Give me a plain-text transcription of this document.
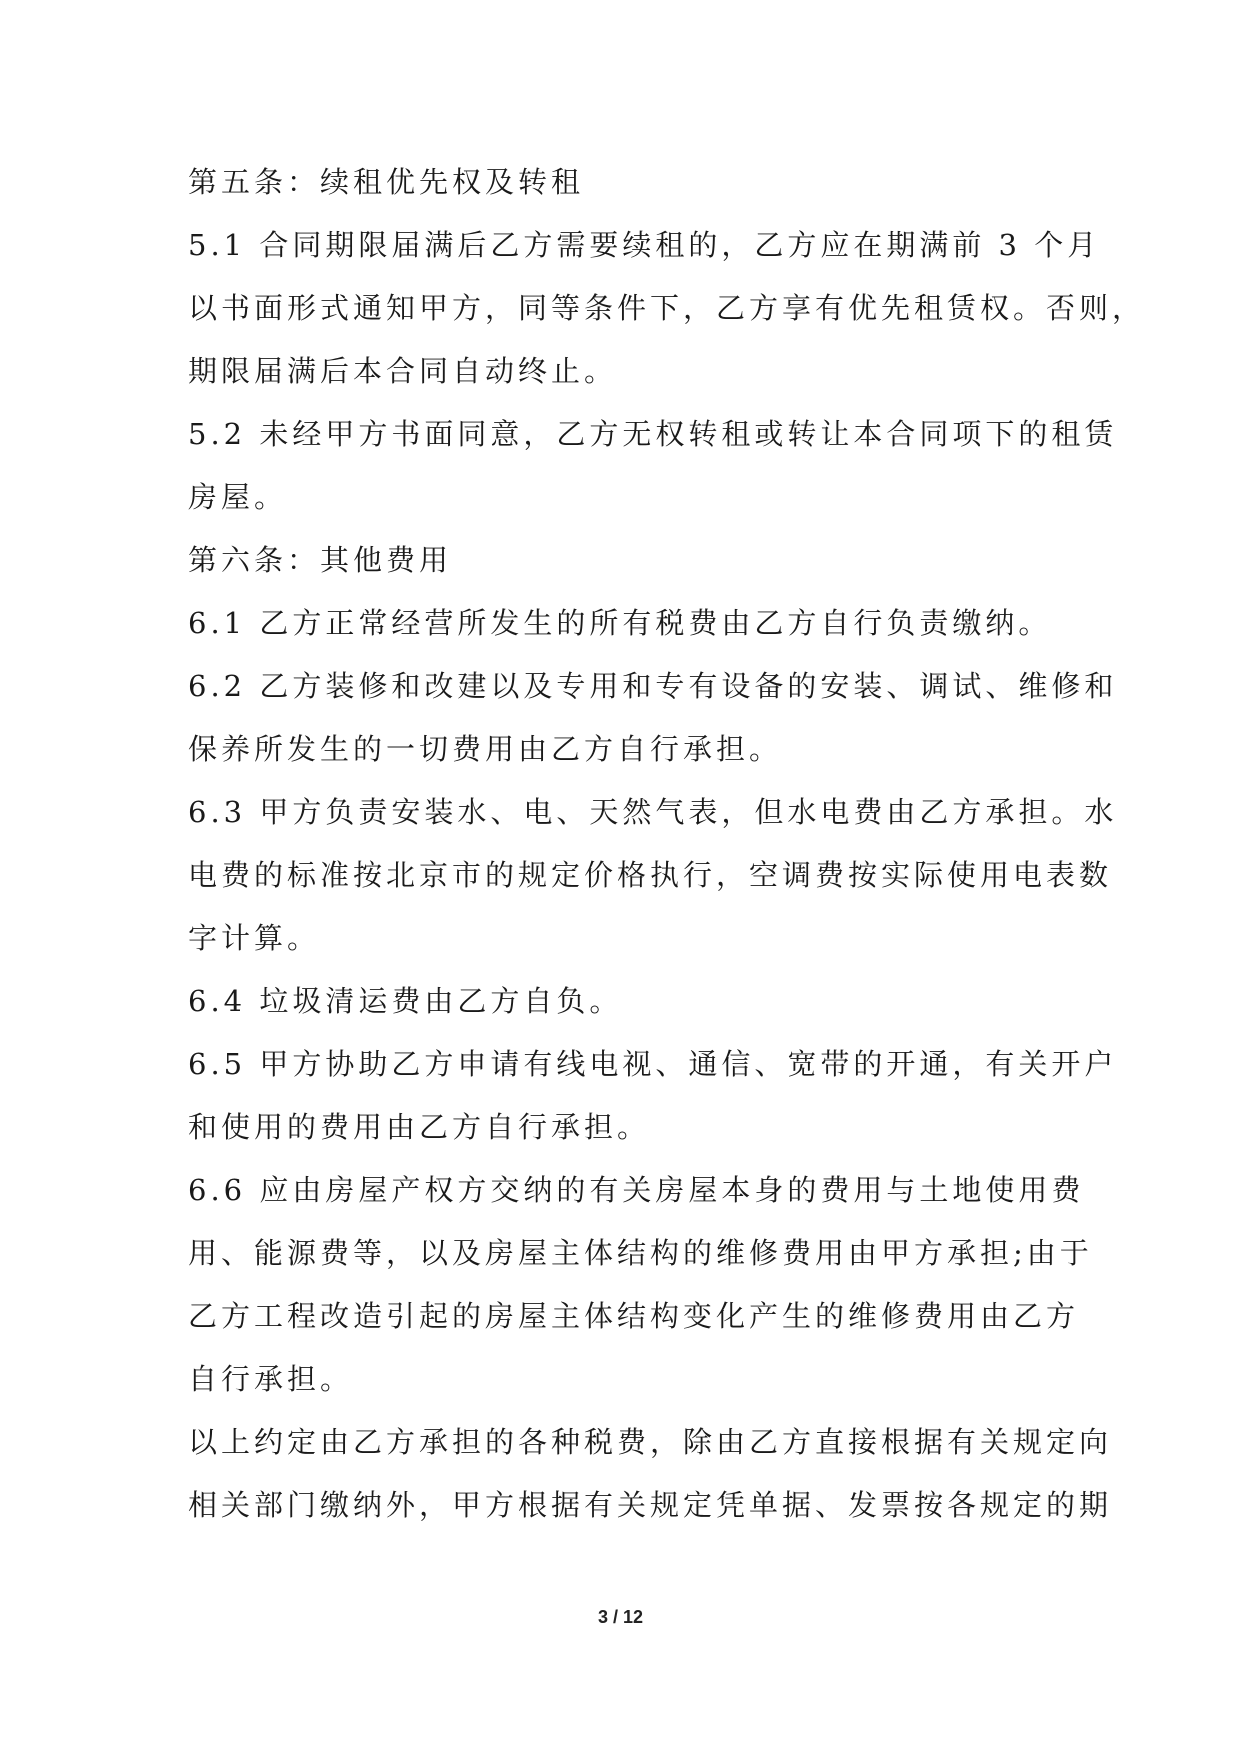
第五条：续租优先权及转租

5.1 合同期限届满后乙方需要续租的，乙方应在期满前 3 个月

以书面形式通知甲方，同等条件下，乙方享有优先租赁权。否则，

期限届满后本合同自动终止。

5.2 未经甲方书面同意，乙方无权转租或转让本合同项下的租赁

房屋。

第六条：其他费用

6.1 乙方正常经营所发生的所有税费由乙方自行负责缴纳。

6.2 乙方装修和改建以及专用和专有设备的安装、调试、维修和

保养所发生的一切费用由乙方自行承担。

6.3 甲方负责安装水、电、天然气表，但水电费由乙方承担。水

电费的标准按北京市的规定价格执行，空调费按实际使用电表数

字计算。

6.4 垃圾清运费由乙方自负。

6.5 甲方协助乙方申请有线电视、通信、宽带的开通，有关开户

和使用的费用由乙方自行承担。

6.6 应由房屋产权方交纳的有关房屋本身的费用与土地使用费

用、能源费等，以及房屋主体结构的维修费用由甲方承担;由于

乙方工程改造引起的房屋主体结构变化产生的维修费用由乙方

自行承担。

以上约定由乙方承担的各种税费，除由乙方直接根据有关规定向

相关部门缴纳外，甲方根据有关规定凭单据、发票按各规定的期

3 / 12
